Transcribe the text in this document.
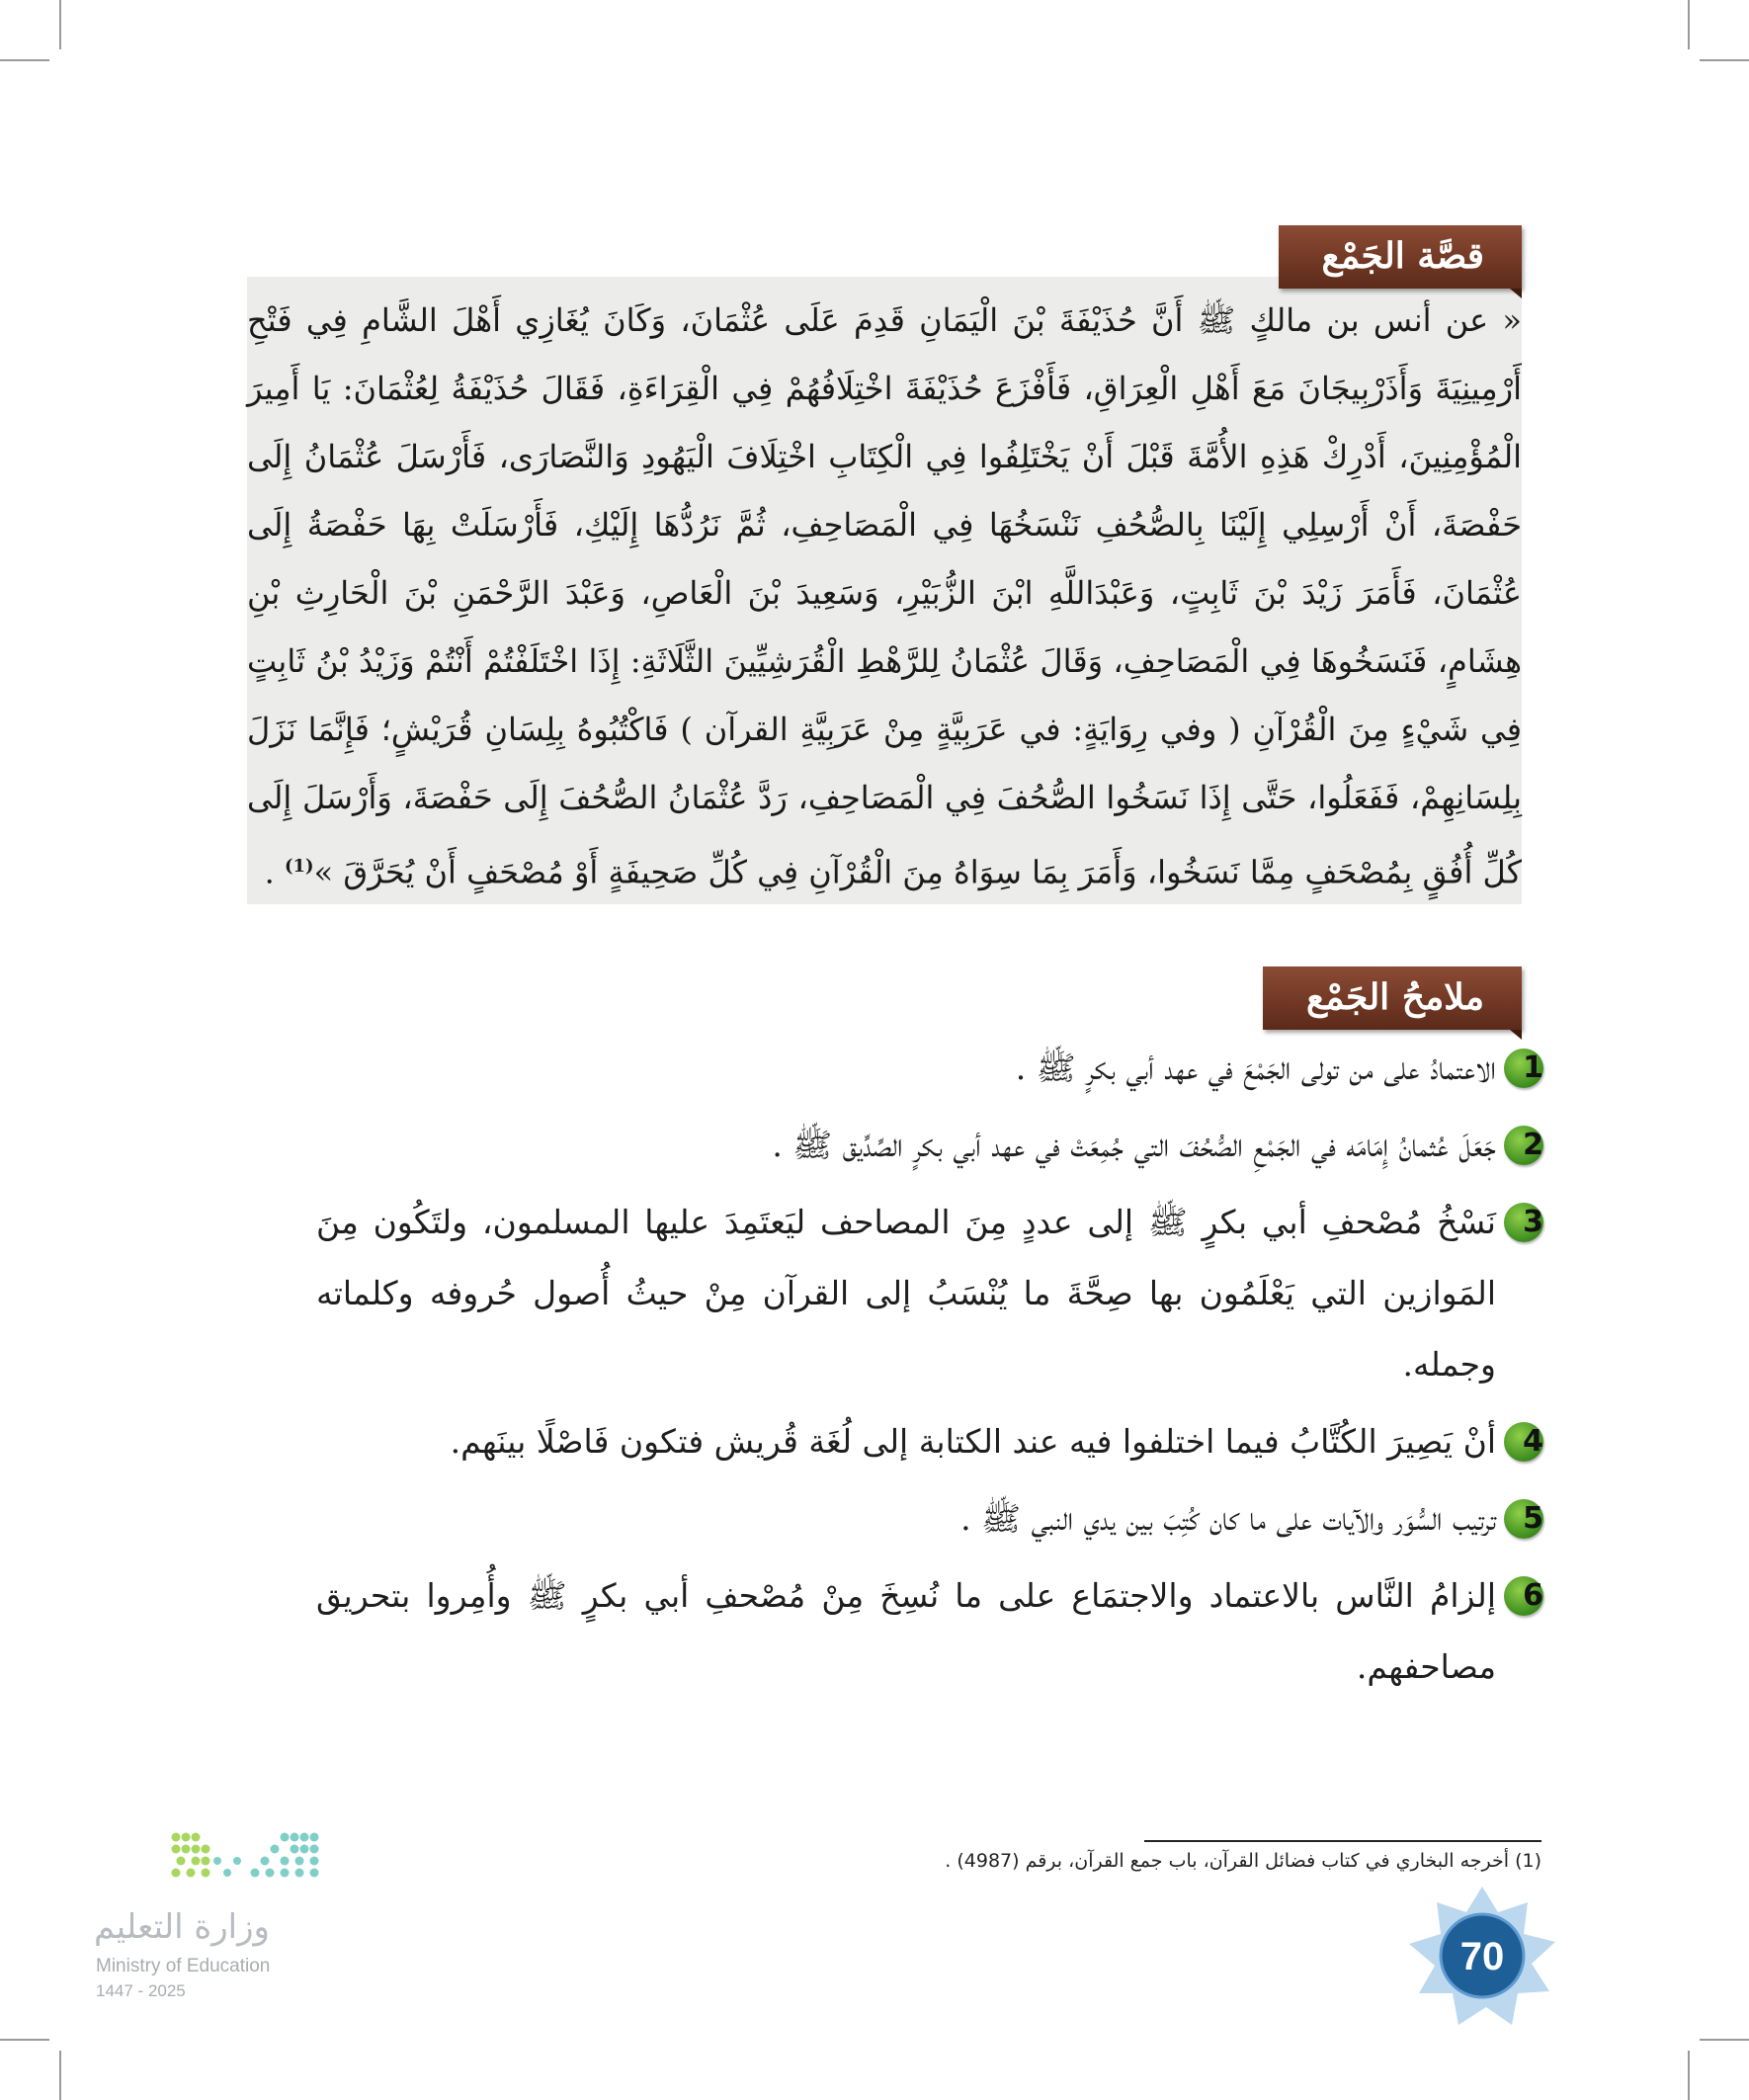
قصَّة الجَمْع
« عن أنس بن مالكٍ ﷺ أَنَّ حُذَيْفَةَ بْنَ الْيَمَانِ قَدِمَ عَلَى عُثْمَانَ، وَكَانَ يُغَازِي أَهْلَ الشَّامِ فِي فَتْحِ أَرْمِينِيَةَ وَأَذَرْبِيجَانَ مَعَ أَهْلِ الْعِرَاقِ، فَأَفْزَعَ حُذَيْفَةَ اخْتِلَافُهُمْ فِي الْقِرَاءَةِ، فَقَالَ حُذَيْفَةُ لِعُثْمَانَ: يَا أَمِيرَ الْمُؤْمِنِينَ، أَدْرِكْ هَذِهِ الأُمَّةَ قَبْلَ أَنْ يَخْتَلِفُوا فِي الْكِتَابِ اخْتِلَافَ الْيَهُودِ وَالنَّصَارَى، فَأَرْسَلَ عُثْمَانُ إِلَى حَفْصَةَ، أَنْ أَرْسِلِي إِلَيْنَا بِالصُّحُفِ نَنْسَخُهَا فِي الْمَصَاحِفِ، ثُمَّ نَرُدُّهَا إِلَيْكِ، فَأَرْسَلَتْ بِهَا حَفْصَةُ إِلَى عُثْمَانَ، فَأَمَرَ زَيْدَ بْنَ ثَابِتٍ، وَعَبْدَاللَّهِ ابْنَ الزُّبَيْرِ، وَسَعِيدَ بْنَ الْعَاصِ، وَعَبْدَ الرَّحْمَنِ بْنَ الْحَارِثِ بْنِ هِشَامٍ، فَنَسَخُوهَا فِي الْمَصَاحِفِ، وَقَالَ عُثْمَانُ لِلرَّهْطِ الْقُرَشِيِّينَ الثَّلَاثَةِ: إِذَا اخْتَلَفْتُمْ أَنْتُمْ وَزَيْدُ بْنُ ثَابِتٍ فِي شَيْءٍ مِنَ الْقُرْآنِ ( وفي رِوَايَةٍ: في عَرَبِيَّةٍ مِنْ عَرَبِيَّةِ القرآن ) فَاكْتُبُوهُ بِلِسَانِ قُرَيْشٍ؛ فَإِنَّمَا نَزَلَ بِلِسَانِهِمْ، فَفَعَلُوا، حَتَّى إِذَا نَسَخُوا الصُّحُفَ فِي الْمَصَاحِفِ، رَدَّ عُثْمَانُ الصُّحُفَ إِلَى حَفْصَةَ، وَأَرْسَلَ إِلَى كُلِّ أُفُقٍ بِمُصْحَفٍ مِمَّا نَسَخُوا، وَأَمَرَ بِمَا سِوَاهُ مِنَ الْقُرْآنِ فِي كُلِّ صَحِيفَةٍ أَوْ مُصْحَفٍ أَنْ يُحَرَّقَ »$^{(1)}$ .
ملامحُ الجَمْع
1
الاعتمادُ على من تولى الجَمْعَ في عهد أبي بكرٍ ﷺ .
2
جَعَلَ عُثمانُ إِمَامَه في الجَمْعِ الصُّحُفَ التي جُمِعَتْ في عهد أبي بكرٍ الصِّدِّيق ﷺ .
3
نَسْخُ مُصْحفِ أبي بكرٍ ﷺ إلى عددٍ مِنَ المصاحف ليَعتَمِدَ عليها المسلمون، ولتَكُون مِنَ المَوازين التي يَعْلَمُون بها صِحَّةَ ما يُنْسَبُ إلى القرآن مِنْ حيثُ أُصول حُروفه وكلماته وجمله.
4
أنْ يَصِيرَ الكُتَّابُ فيما اختلفوا فيه عند الكتابة إلى لُغَة قُريش فتكون فَاصْلًا بينَهم.
5
ترتيب السُّوَر والآيات على ما كان كُتِبَ بين يدي النبي ﷺ .
6
إلزامُ النَّاس بالاعتماد والاجتمَاع على ما نُسِخَ مِنْ مُصْحفِ أبي بكرٍ ﷺ وأُمِروا بتحريق مصاحفهم.
(1) أخرجه البخاري في كتاب فضائل القرآن، باب جمع القرآن، برقم (4987) .
وزارة التعليم
Ministry of Education
2025 - 1447
70
